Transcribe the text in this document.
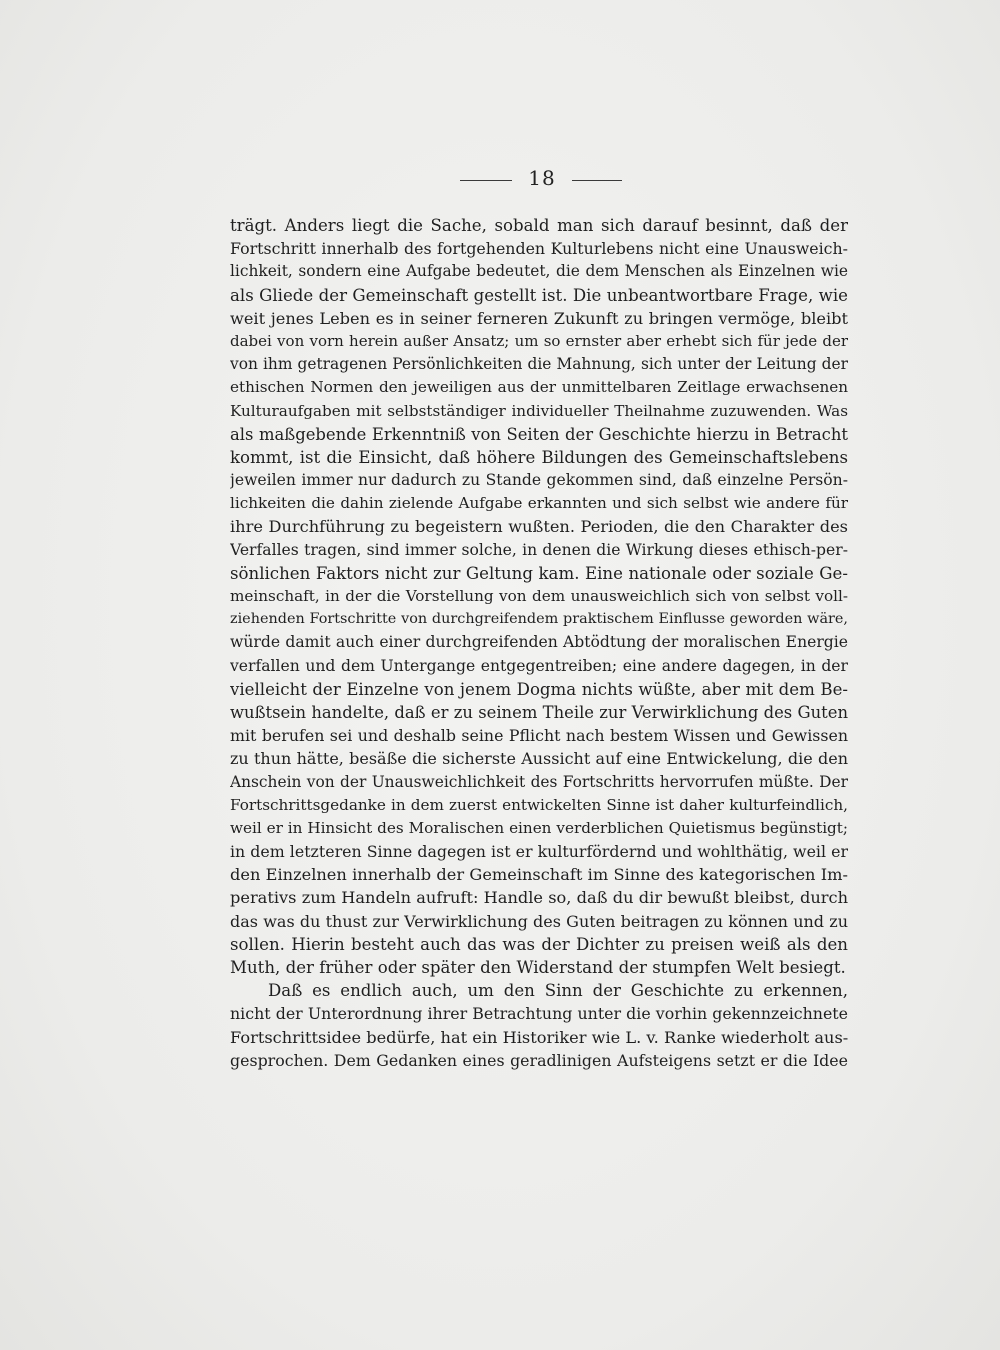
18
trägt. Anders liegt die Sache, sobald man sich darauf besinnt, daß der
Fortschritt innerhalb des fortgehenden Kulturlebens nicht eine Unausweich-
lichkeit, sondern eine Aufgabe bedeutet, die dem Menschen als Einzelnen wie
als Gliede der Gemeinschaft gestellt ist. Die unbeantwortbare Frage, wie
weit jenes Leben es in seiner ferneren Zukunft zu bringen vermöge, bleibt
dabei von vorn herein außer Ansatz; um so ernster aber erhebt sich für jede der
von ihm getragenen Persönlichkeiten die Mahnung, sich unter der Leitung der
ethischen Normen den jeweiligen aus der unmittelbaren Zeitlage erwachsenen
Kulturaufgaben mit selbstständiger individueller Theilnahme zuzuwenden. Was
als maßgebende Erkenntniß von Seiten der Geschichte hierzu in Betracht
kommt, ist die Einsicht, daß höhere Bildungen des Gemeinschaftslebens
jeweilen immer nur dadurch zu Stande gekommen sind, daß einzelne Persön-
lichkeiten die dahin zielende Aufgabe erkannten und sich selbst wie andere für
ihre Durchführung zu begeistern wußten. Perioden, die den Charakter des
Verfalles tragen, sind immer solche, in denen die Wirkung dieses ethisch-per-
sönlichen Faktors nicht zur Geltung kam. Eine nationale oder soziale Ge-
meinschaft, in der die Vorstellung von dem unausweichlich sich von selbst voll-
ziehenden Fortschritte von durchgreifendem praktischem Einflusse geworden wäre,
würde damit auch einer durchgreifenden Abtödtung der moralischen Energie
verfallen und dem Untergange entgegentreiben; eine andere dagegen, in der
vielleicht der Einzelne von jenem Dogma nichts wüßte, aber mit dem Be-
wußtsein handelte, daß er zu seinem Theile zur Verwirklichung des Guten
mit berufen sei und deshalb seine Pflicht nach bestem Wissen und Gewissen
zu thun hätte, besäße die sicherste Aussicht auf eine Entwickelung, die den
Anschein von der Unausweichlichkeit des Fortschritts hervorrufen müßte. Der
Fortschrittsgedanke in dem zuerst entwickelten Sinne ist daher kulturfeindlich,
weil er in Hinsicht des Moralischen einen verderblichen Quietismus begünstigt;
in dem letzteren Sinne dagegen ist er kulturfördernd und wohlthätig, weil er
den Einzelnen innerhalb der Gemeinschaft im Sinne des kategorischen Im-
perativs zum Handeln aufruft: Handle so, daß du dir bewußt bleibst, durch
das was du thust zur Verwirklichung des Guten beitragen zu können und zu
sollen. Hierin besteht auch das was der Dichter zu preisen weiß als den
Muth, der früher oder später den Widerstand der stumpfen Welt besiegt.
Daß es endlich auch, um den Sinn der Geschichte zu erkennen,
nicht der Unterordnung ihrer Betrachtung unter die vorhin gekennzeichnete
Fortschrittsidee bedürfe, hat ein Historiker wie L. v. Ranke wiederholt aus-
gesprochen. Dem Gedanken eines geradlinigen Aufsteigens setzt er die Idee
